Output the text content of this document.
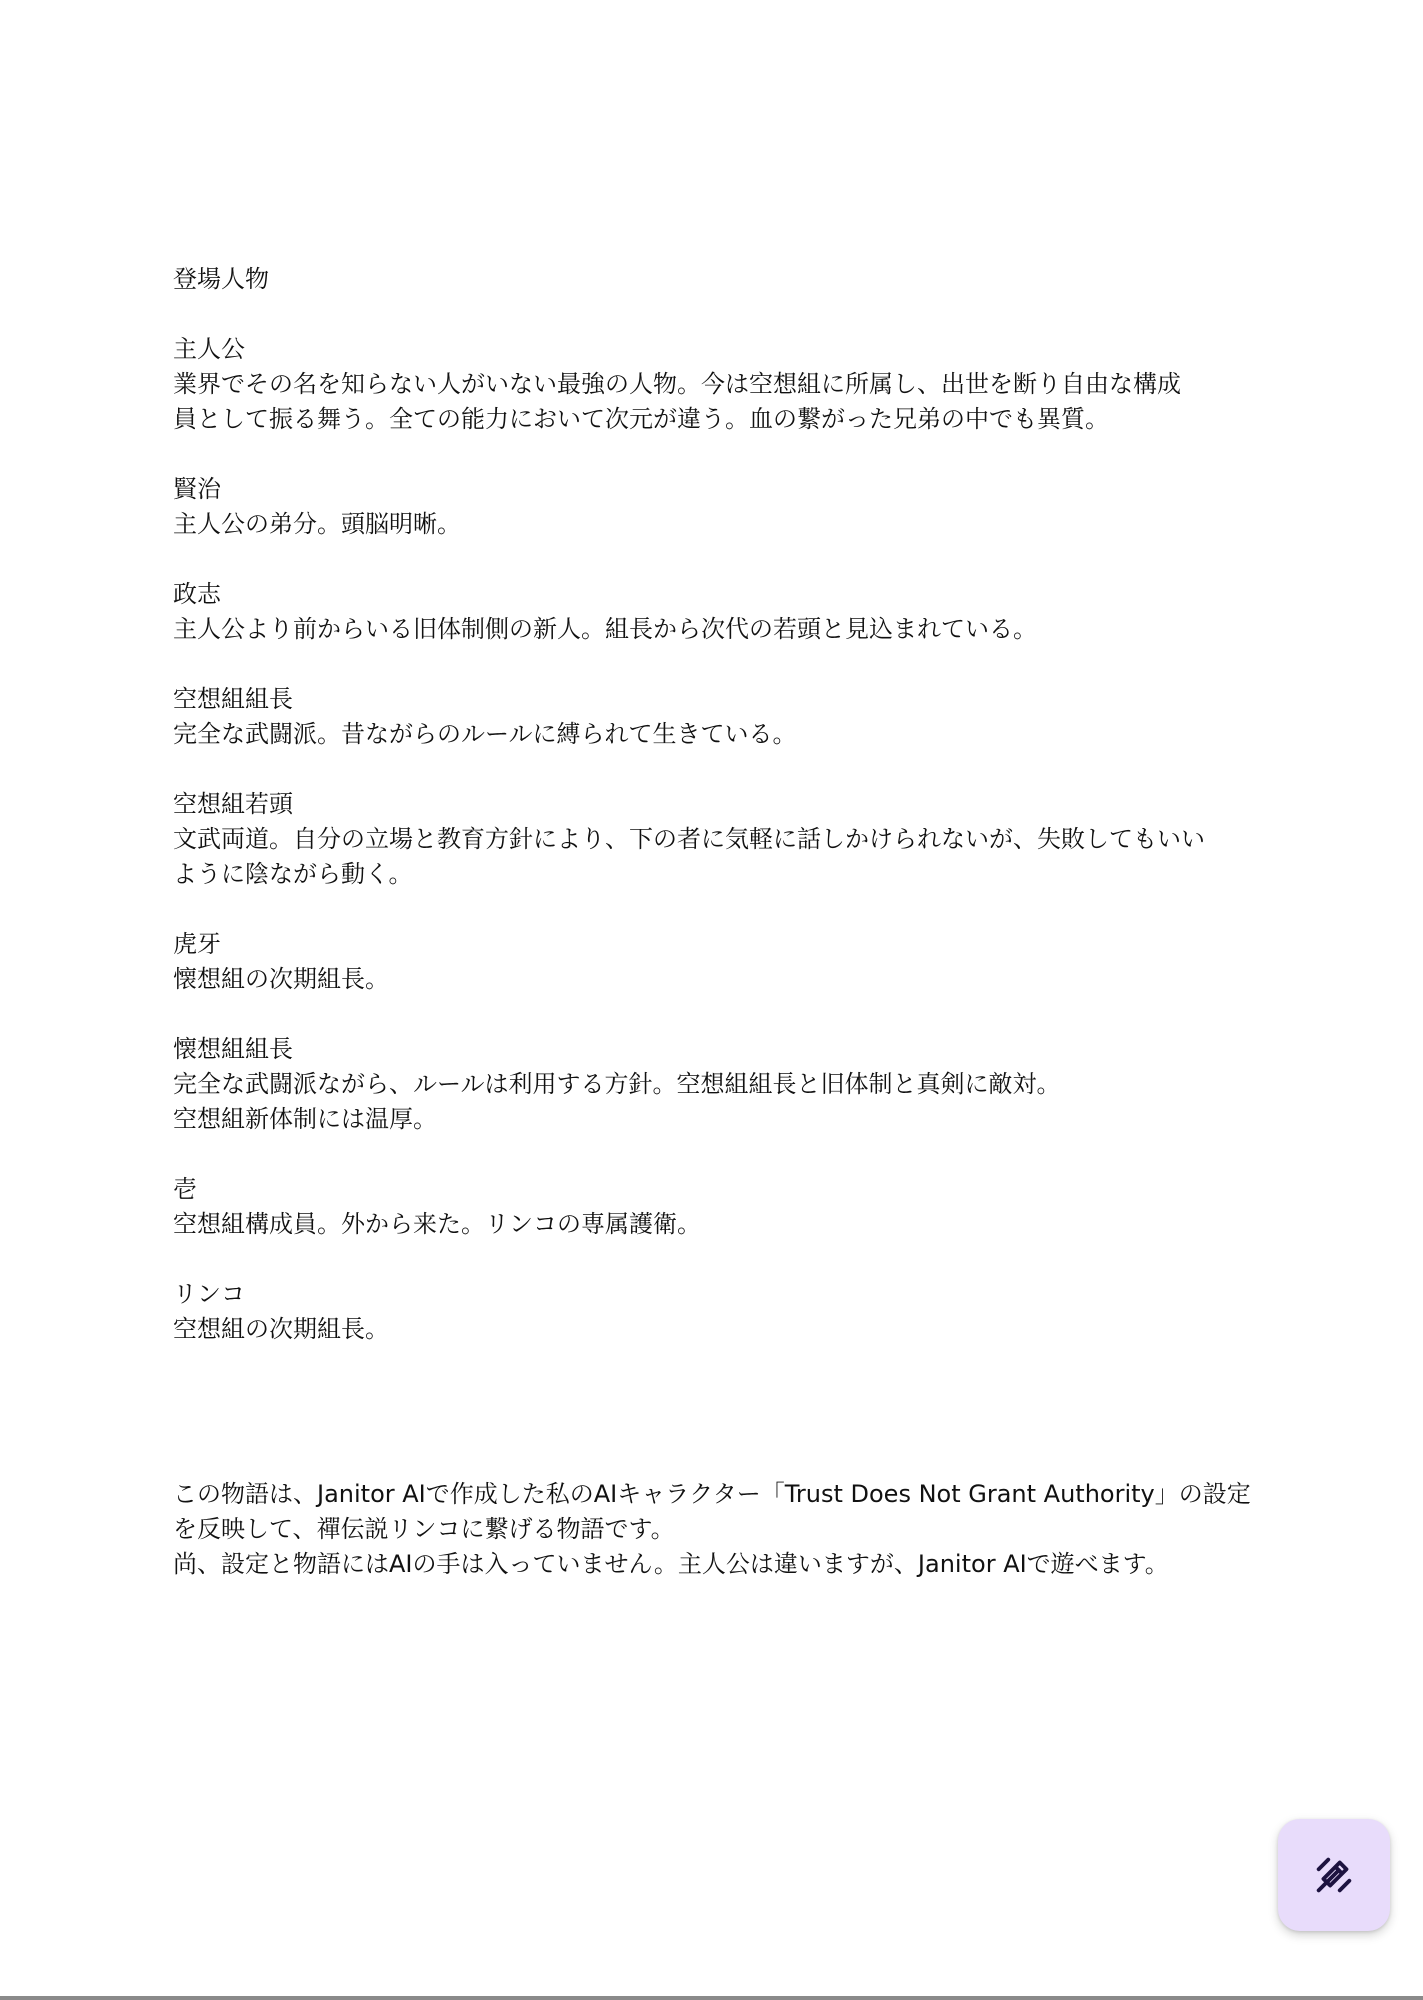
登場人物

主人公

業界でその名を知らない人がいない最強の人物。今は空想組に所属し、出世を断り自由な構成

員として振る舞う。全ての能力において次元が違う。血の繋がった兄弟の中でも異質。

賢治

主人公の弟分。頭脳明晰。

政志

主人公より前からいる旧体制側の新人。組長から次代の若頭と見込まれている。

空想組組長

完全な武闘派。昔ながらのルールに縛られて生きている。

空想組若頭

文武両道。自分の立場と教育方針により、下の者に気軽に話しかけられないが、失敗してもいい

ように陰ながら動く。

虎牙

懐想組の次期組長。

懐想組組長

完全な武闘派ながら、ルールは利用する方針。空想組組長と旧体制と真剣に敵対。

空想組新体制には温厚。

壱

空想組構成員。外から来た。リンコの専属護衛。

リンコ

空想組の次期組長。

この物語は、Janitor AIで作成した私のAIキャラクター「Trust Does Not Grant Authority」の設定

を反映して、禪伝説リンコに繋げる物語です。

尚、設定と物語にはAIの手は入っていません。主人公は違いますが、Janitor AIで遊べます。
